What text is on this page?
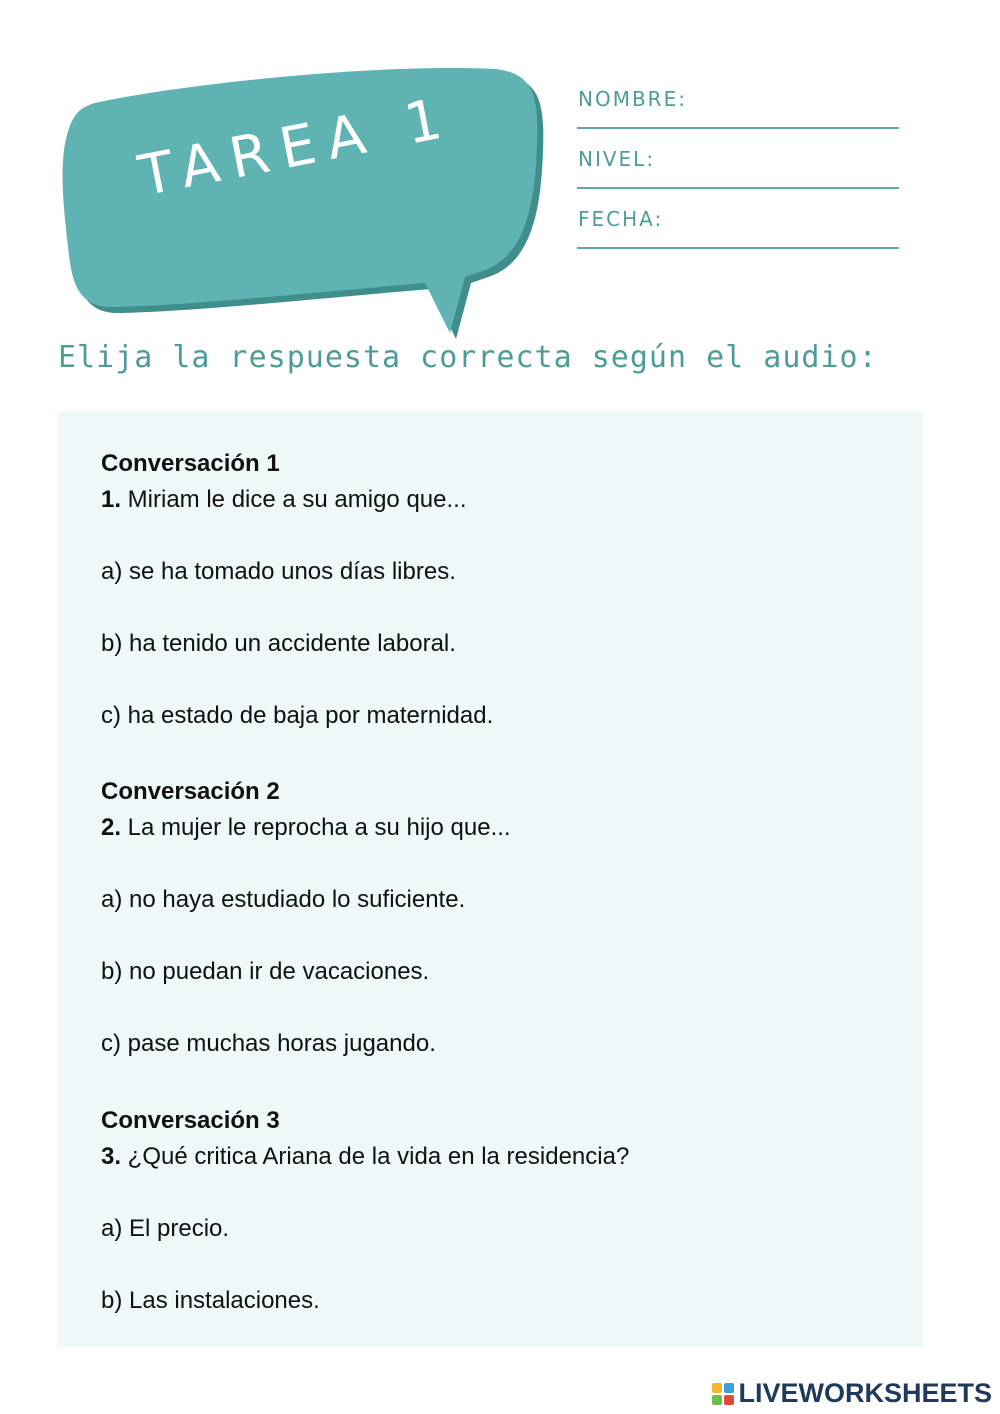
TAREA 1	NOMBRE:
NIVEL:
FECHA:
Elija la respuesta correcta según el audio:

Conversación 1

1. Miriam le dice a su amigo que...

a) se ha tomado unos días libres.

b) ha tenido un accidente laboral.

c) ha estado de baja por maternidad.

Conversación 2

2. La mujer le reprocha a su hijo que...

a) no haya estudiado lo suficiente.

b) no puedan ir de vacaciones.

c) pase muchas horas jugando.

Conversación 3

3. ¿Qué critica Ariana de la vida en la residencia?

a) El precio.

b) Las instalaciones.

LIVEWORKSHEETS
